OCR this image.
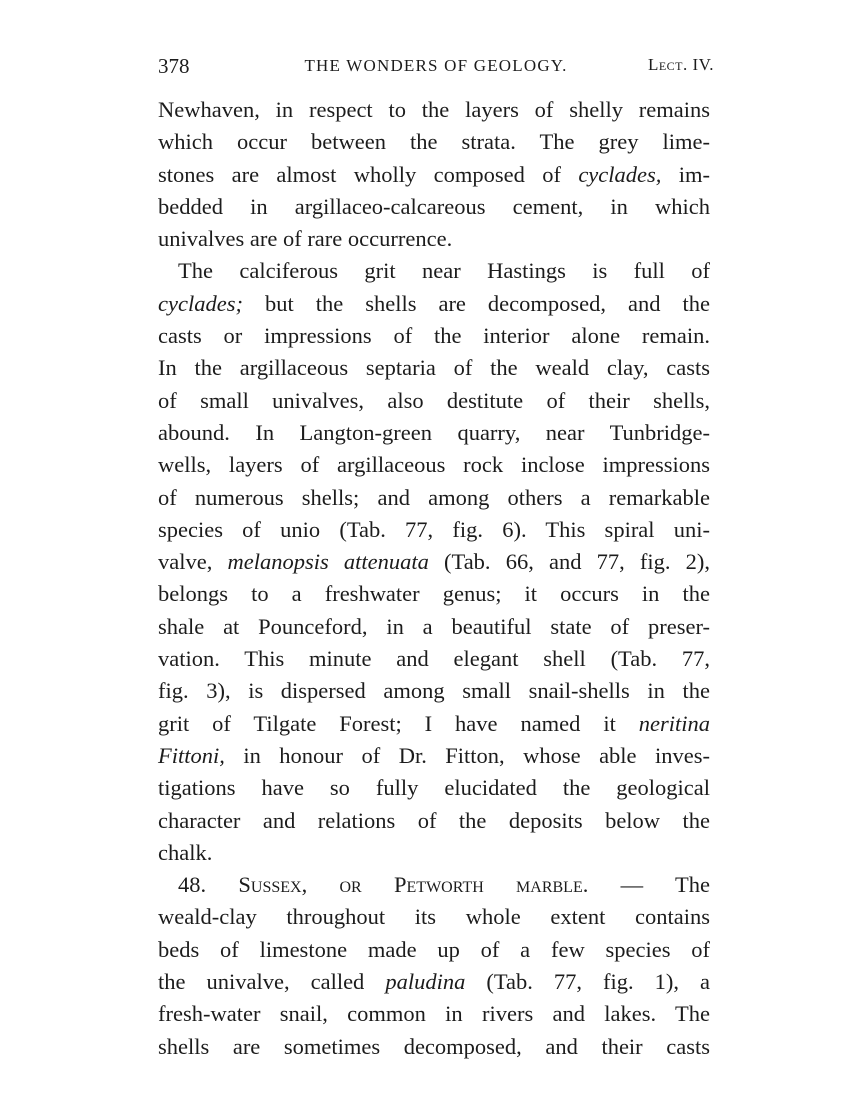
378	THE WONDERS OF GEOLOGY.	Lect. IV.
Newhaven, in respect to the layers of shelly remains
which occur between the strata. The grey lime-
stones are almost wholly composed of cyclades, im-
bedded in argillaceo-calcareous cement, in which
univalves are of rare occurrence.
The calciferous grit near Hastings is full of
cyclades; but the shells are decomposed, and the
casts or impressions of the interior alone remain.
In the argillaceous septaria of the weald clay, casts
of small univalves, also destitute of their shells,
abound. In Langton-green quarry, near Tunbridge-
wells, layers of argillaceous rock inclose impressions
of numerous shells; and among others a remarkable
species of unio (Tab. 77, fig. 6). This spiral uni-
valve, melanopsis attenuata (Tab. 66, and 77, fig. 2),
belongs to a freshwater genus; it occurs in the
shale at Pounceford, in a beautiful state of preser-
vation. This minute and elegant shell (Tab. 77,
fig. 3), is dispersed among small snail-shells in the
grit of Tilgate Forest; I have named it neritina
Fittoni, in honour of Dr. Fitton, whose able inves-
tigations have so fully elucidated the geological
character and relations of the deposits below the
chalk.
48. Sussex, or Petworth marble. — The
weald-clay throughout its whole extent contains
beds of limestone made up of a few species of
the univalve, called paludina (Tab. 77, fig. 1), a
fresh-water snail, common in rivers and lakes. The
shells are sometimes decomposed, and their casts
